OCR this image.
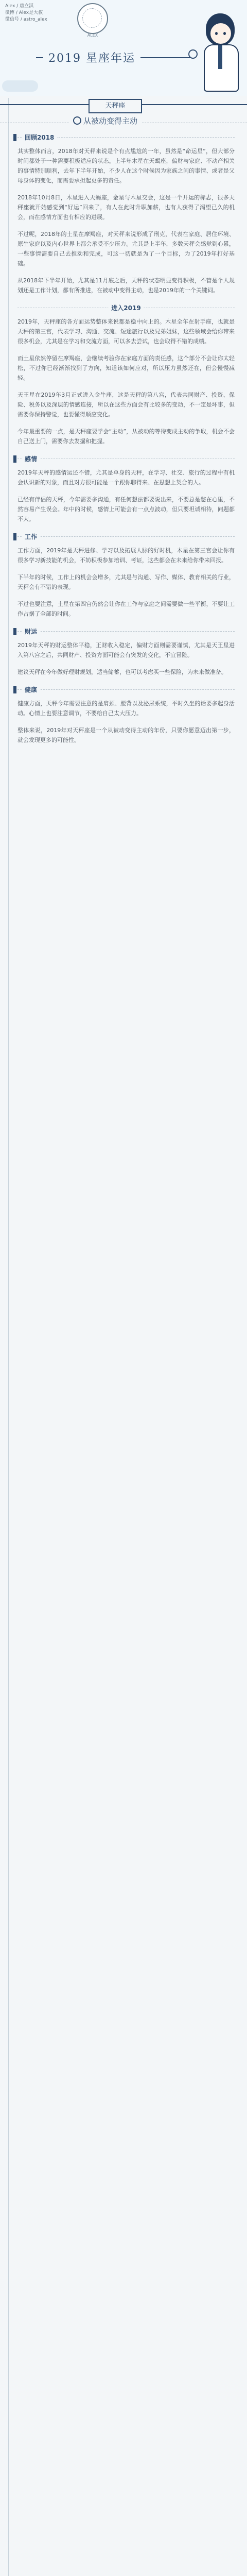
Alex / 唐立淇
微博 / Alex是大叔
微信号 / astro_alex
ALEX
2019 星座年运
天秤座
从被动变得主动
回顾2018

其实整体而言，2018年对天秤来说是个有点尴尬的一年，虽然是“命运星”，但大部分时间都处于一种需要积极适应的状态。上半年木星在天蝎座，偏财与家庭、不动产相关的事情特别顺利，去年下半年开始，不少人在这个时候因为家族之间的事情、或者是父母身体的变化，而需要承担起更多的责任。

2018年10月8日，木星进入天蝎座，金星与木星交会，这是一个开运的标志，很多天秤座就开始感觉到“好运”回来了，有人在此时升职加薪，也有人获得了渴望已久的机会，而在感情方面也有相应的进展。

不过呢，2018年的土星在摩羯座，对天秤来说形成了刑克，代表在家庭、居住环境、原生家庭以及内心世界上都会承受不少压力。尤其是上半年，多数天秤会感觉到心累，一些事情需要自己去推动和完成，可这一切就是为了一个目标，为了2019年打好基础。

从2018年下半年开始，尤其是11月底之后，天秤的状态明显变得积极，不管是个人规划还是工作计划，都有所推进，在被动中变得主动，也是2019年的一个关键词。

进入2019

2019年，天秤座的各方面运势整体来说都是稳中向上的。木星全年在射手座，也就是天秤的第三宫，代表学习、沟通、交流、短途旅行以及兄弟姐妹，这些领域会给你带来很多机会，尤其是在学习和交流方面，可以多去尝试，也会取得不错的成绩。

而土星依然停留在摩羯座，会继续考验你在家庭方面的责任感，这个部分不会让你太轻松，不过你已经渐渐找到了方向，知道该如何应对，所以压力虽然还在，但会慢慢减轻。

天王星在2019年3月正式进入金牛座，这是天秤的第八宫，代表共同财产、投资、保险、税务以及深层的情感连接，所以在这些方面会有比较多的变动，不一定是坏事，但需要你保持警觉，也要懂得顺应变化。

今年最重要的一点，是天秤座要学会“主动”，从被动的等待变成主动的争取，机会不会自己送上门，需要你去发掘和把握。

感情

2019年天秤的感情运还不错，尤其是单身的天秤，在学习、社交、旅行的过程中有机会认识新的对象，而且对方很可能是一个跟你聊得来、在思想上契合的人。

已经有伴侣的天秤，今年需要多沟通，有任何想法都要说出来，不要总是憋在心里，不然容易产生误会。年中的时候，感情上可能会有一点点波动，但只要坦诚相待，问题都不大。

工作

工作方面，2019年是天秤进修、学习以及拓展人脉的好时机，木星在第三宫会让你有很多学习新技能的机会，不妨积极参加培训、考证，这些都会在未来给你带来回报。

下半年的时候，工作上的机会会增多，尤其是与沟通、写作、媒体、教育相关的行业，天秤会有不错的表现。

不过也要注意，土星在第四宫仍然会让你在工作与家庭之间需要做一些平衡，不要让工作占据了全部的时间。

财运

2019年天秤的财运整体平稳，正财收入稳定，偏财方面则需要谨慎，尤其是天王星进入第八宫之后，共同财产、投资方面可能会有突发的变化，不宜冒险。

建议天秤在今年做好理财规划，适当储蓄，也可以考虑买一些保险，为未来做准备。

健康

健康方面，天秤今年需要注意的是肩颈、腰背以及泌尿系统，平时久坐的话要多起身活动。心情上也要注意调节，不要给自己太大压力。

整体来说，2019年对天秤座是一个从被动变得主动的年份，只要你愿意迈出第一步，就会发现更多的可能性。
